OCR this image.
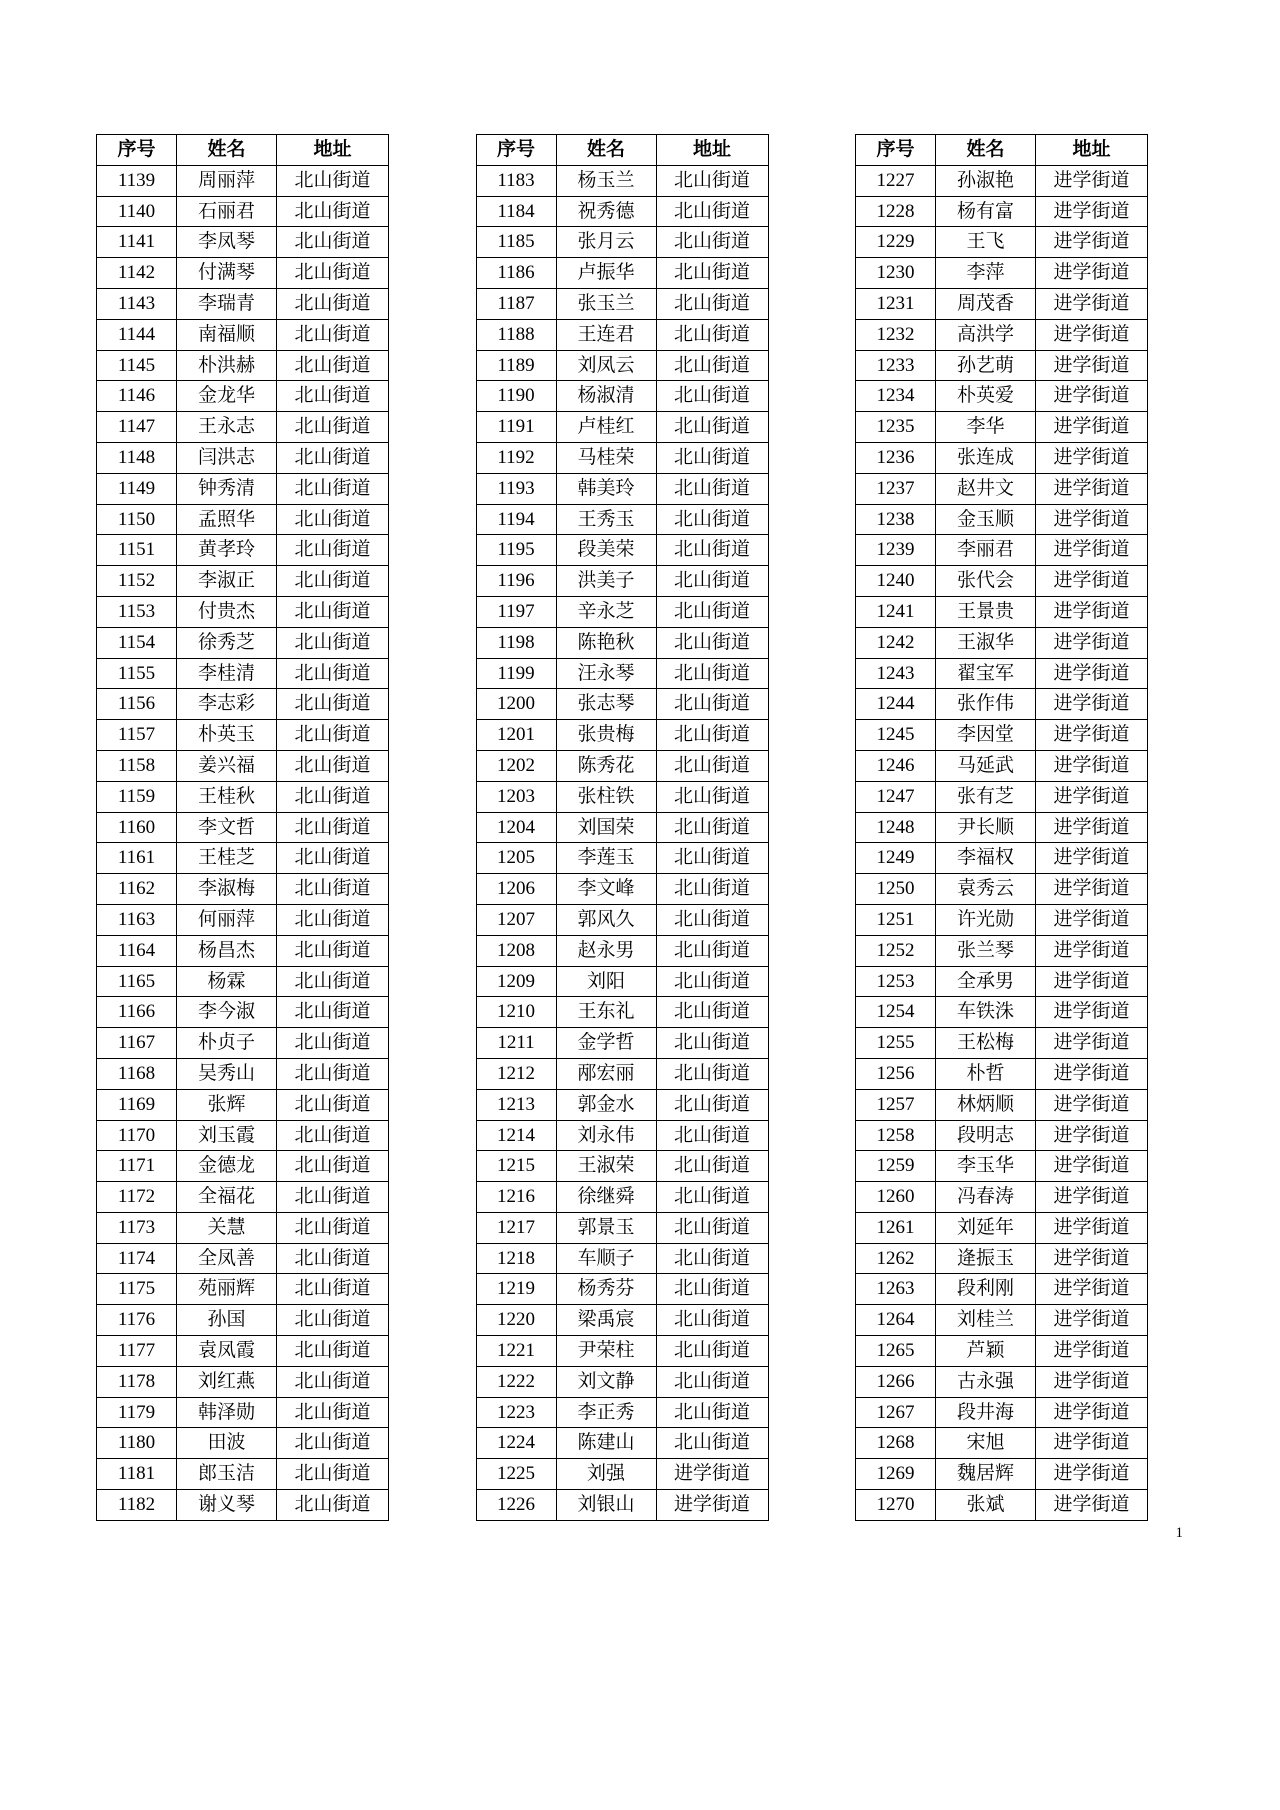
序号	姓名	地址
1139	周丽萍	北山街道
1140	石丽君	北山街道
1141	李凤琴	北山街道
1142	付满琴	北山街道
1143	李瑞青	北山街道
1144	南福顺	北山街道
1145	朴洪赫	北山街道
1146	金龙华	北山街道
1147	王永志	北山街道
1148	闫洪志	北山街道
1149	钟秀清	北山街道
1150	孟照华	北山街道
1151	黄孝玲	北山街道
1152	李淑正	北山街道
1153	付贵杰	北山街道
1154	徐秀芝	北山街道
1155	李桂清	北山街道
1156	李志彩	北山街道
1157	朴英玉	北山街道
1158	姜兴福	北山街道
1159	王桂秋	北山街道
1160	李文哲	北山街道
1161	王桂芝	北山街道
1162	李淑梅	北山街道
1163	何丽萍	北山街道
1164	杨昌杰	北山街道
1165	杨霖	北山街道
1166	李今淑	北山街道
1167	朴贞子	北山街道
1168	吴秀山	北山街道
1169	张辉	北山街道
1170	刘玉霞	北山街道
1171	金德龙	北山街道
1172	全福花	北山街道
1173	关慧	北山街道
1174	全凤善	北山街道
1175	苑丽辉	北山街道
1176	孙国	北山街道
1177	袁凤霞	北山街道
1178	刘红燕	北山街道
1179	韩泽勋	北山街道
1180	田波	北山街道
1181	郎玉洁	北山街道
1182	谢义琴	北山街道
序号	姓名	地址
1183	杨玉兰	北山街道
1184	祝秀德	北山街道
1185	张月云	北山街道
1186	卢振华	北山街道
1187	张玉兰	北山街道
1188	王连君	北山街道
1189	刘凤云	北山街道
1190	杨淑清	北山街道
1191	卢桂红	北山街道
1192	马桂荣	北山街道
1193	韩美玲	北山街道
1194	王秀玉	北山街道
1195	段美荣	北山街道
1196	洪美子	北山街道
1197	辛永芝	北山街道
1198	陈艳秋	北山街道
1199	汪永琴	北山街道
1200	张志琴	北山街道
1201	张贵梅	北山街道
1202	陈秀花	北山街道
1203	张柱铁	北山街道
1204	刘国荣	北山街道
1205	李莲玉	北山街道
1206	李文峰	北山街道
1207	郭风久	北山街道
1208	赵永男	北山街道
1209	刘阳	北山街道
1210	王东礼	北山街道
1211	金学哲	北山街道
1212	邴宏丽	北山街道
1213	郭金水	北山街道
1214	刘永伟	北山街道
1215	王淑荣	北山街道
1216	徐继舜	北山街道
1217	郭景玉	北山街道
1218	车顺子	北山街道
1219	杨秀芬	北山街道
1220	梁禹宸	北山街道
1221	尹荣柱	北山街道
1222	刘文静	北山街道
1223	李正秀	北山街道
1224	陈建山	北山街道
1225	刘强	进学街道
1226	刘银山	进学街道
序号	姓名	地址
1227	孙淑艳	进学街道
1228	杨有富	进学街道
1229	王飞	进学街道
1230	李萍	进学街道
1231	周茂香	进学街道
1232	高洪学	进学街道
1233	孙艺萌	进学街道
1234	朴英爱	进学街道
1235	李华	进学街道
1236	张连成	进学街道
1237	赵井文	进学街道
1238	金玉顺	进学街道
1239	李丽君	进学街道
1240	张代会	进学街道
1241	王景贵	进学街道
1242	王淑华	进学街道
1243	翟宝军	进学街道
1244	张作伟	进学街道
1245	李因堂	进学街道
1246	马延武	进学街道
1247	张有芝	进学街道
1248	尹长顺	进学街道
1249	李福权	进学街道
1250	袁秀云	进学街道
1251	许光勋	进学街道
1252	张兰琴	进学街道
1253	全承男	进学街道
1254	车铁洙	进学街道
1255	王松梅	进学街道
1256	朴哲	进学街道
1257	林炳顺	进学街道
1258	段明志	进学街道
1259	李玉华	进学街道
1260	冯春涛	进学街道
1261	刘延年	进学街道
1262	逄振玉	进学街道
1263	段利刚	进学街道
1264	刘桂兰	进学街道
1265	芦颖	进学街道
1266	古永强	进学街道
1267	段井海	进学街道
1268	宋旭	进学街道
1269	魏居辉	进学街道
1270	张斌	进学街道
1
